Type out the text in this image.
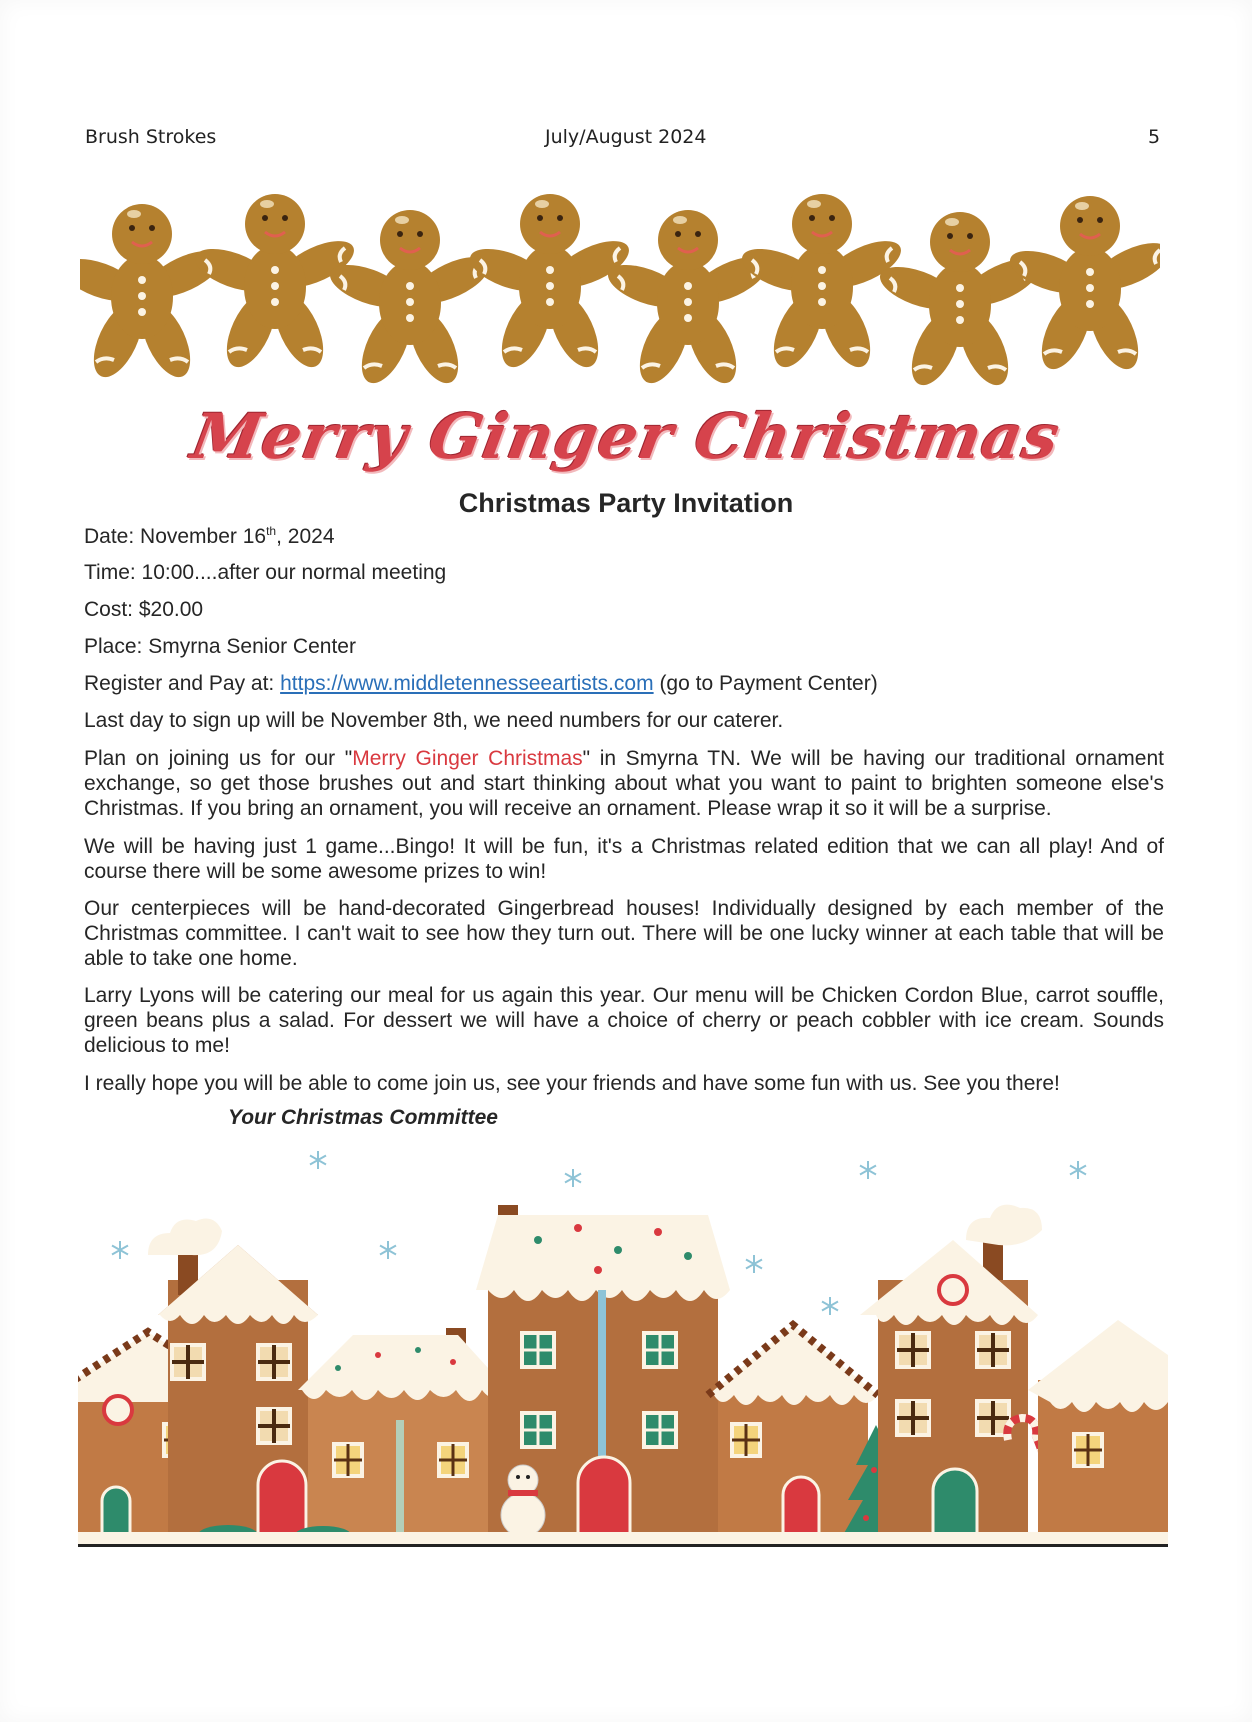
Brush Strokes	July/August 2024	5
Merry Ginger Christmas
Christmas Party Invitation
Date: November 16th, 2024
Time: 10:00....after our normal meeting
Cost: $20.00
Place: Smyrna Senior Center
Register and Pay at: https://www.middletennesseeartists.com (go to Payment Center)
Last day to sign up will be November 8th, we need numbers for our caterer.
Plan on joining us for our "Merry Ginger Christmas" in Smyrna TN. We will be having our traditional ornament exchange, so get those brushes out and start thinking about what you want to paint to brighten someone else's Christmas. If you bring an ornament, you will receive an ornament. Please wrap it so it will be a surprise.
We will be having just 1 game...Bingo! It will be fun, it's a Christmas related edition that we can all play! And of course there will be some awesome prizes to win!
Our centerpieces will be hand-decorated Gingerbread houses! Individually designed by each member of the Christmas committee. I can't wait to see how they turn out. There will be one lucky winner at each table that will be able to take one home.
Larry Lyons will be catering our meal for us again this year. Our menu will be Chicken Cordon Blue, carrot souffle, green beans plus a salad. For dessert we will have a choice of cherry or peach cobbler with ice cream. Sounds delicious to me!
I really hope you will be able to come join us, see your friends and have some fun with us. See you there!
Your Christmas Committee
